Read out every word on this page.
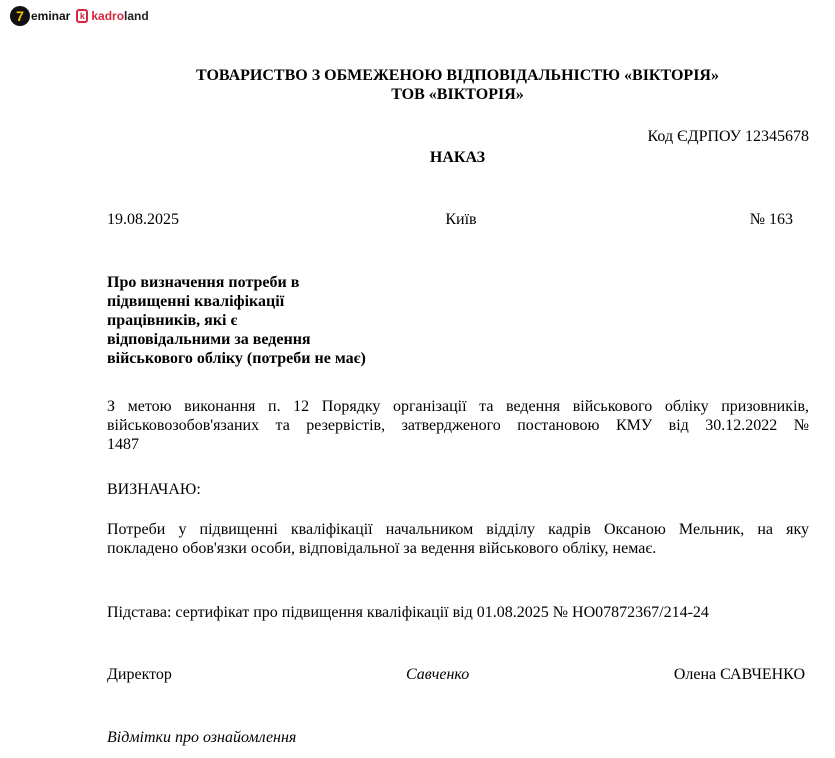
7 eminar	k kadro land
ТОВАРИСТВО З ОБМЕЖЕНОЮ ВІДПОВІДАЛЬНІСТЮ «ВІКТОРІЯ»
ТОВ «ВІКТОРІЯ»
Код ЄДРПОУ 12345678
НАКАЗ
19.08.2025	Київ	№ 163
Про визначення потреби в
підвищенні кваліфікації
працівників, які є
відповідальними за ведення
військового обліку (потреби не має)
З метою виконання п. 12 Порядку організації та ведення військового обліку призовників,
військовозобов'язаних та резервістів, затвердженого постановою КМУ від 30.12.2022 №
1487
ВИЗНАЧАЮ:
Потреби у підвищенні кваліфікації начальником відділу кадрів Оксаною Мельник, на яку
покладено обов'язки особи, відповідальної за ведення військового обліку, немає.
Підстава: сертифікат про підвищення кваліфікації від 01.08.2025 № НО07872367/214-24
Директор	Савченко	Олена САВЧЕНКО
Відмітки про ознайомлення
